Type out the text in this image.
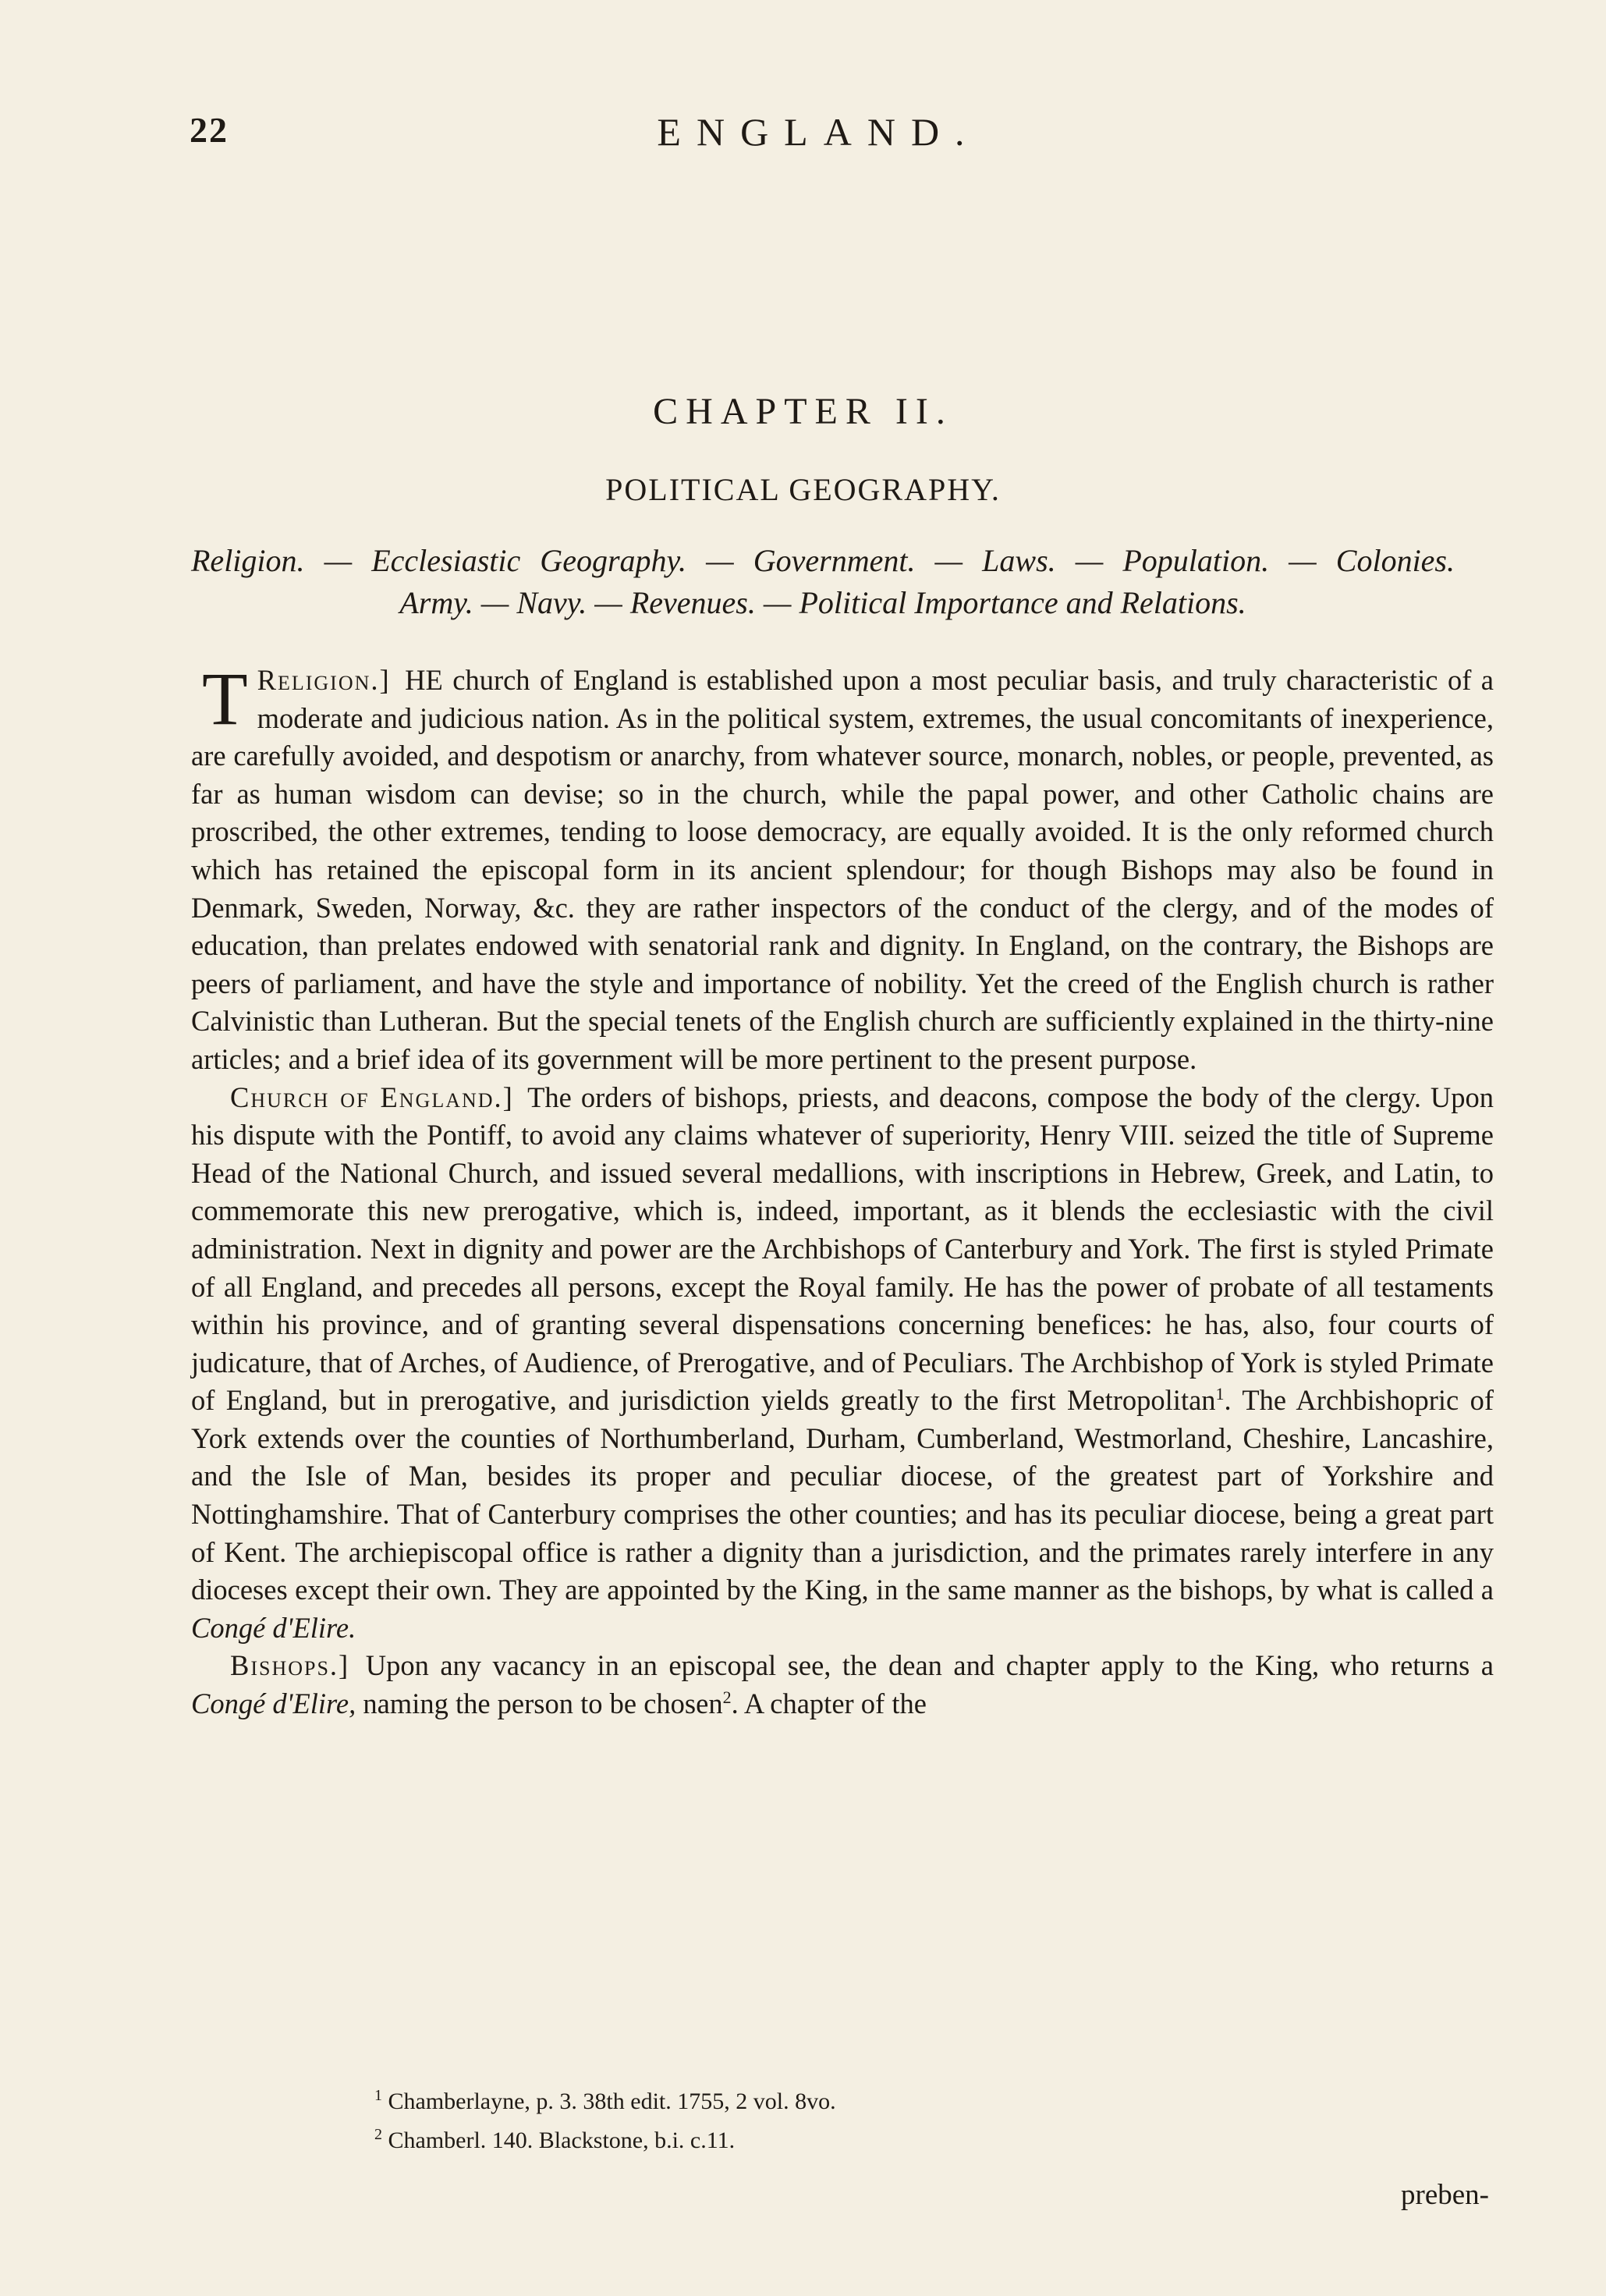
22	ENGLAND.
CHAPTER II.
POLITICAL GEOGRAPHY.
Religion. — Ecclesiastic Geography. — Government. — Laws. — Population. — Colonies.
Army. — Navy. — Revenues. — Political Importance and Relations.

Religion.]
T	HE church of England is established upon a most peculiar basis, and truly characteristic of a moderate and judicious nation. As in the political system, extremes, the usual concomitants of inexperience, are carefully avoided, and despotism or anarchy, from whatever source, monarch, nobles, or people, prevented, as far as human wisdom can devise; so in the church, while the papal power, and other Catholic chains are proscribed, the other extremes, tending to loose democracy, are equally avoided. It is the only reformed church which has retained the episcopal form in its ancient splendour; for though Bishops may also be found in Denmark, Sweden, Norway, &c. they are rather inspectors of the conduct of the clergy, and of the modes of education, than prelates endowed with senatorial rank and dignity. In England, on the contrary, the Bishops are peers of parliament, and have the style and importance of nobility. Yet the creed of the English church is rather Calvinistic than Lutheran. But the special tenets of the English church are sufficiently explained in the thirty-nine articles; and a brief idea of its government will be more pertinent to the present purpose.

Church of England.] The orders of bishops, priests, and deacons, compose the body of the clergy. Upon his dispute with the Pontiff, to avoid any claims whatever of superiority, Henry VIII. seized the title of Supreme Head of the National Church, and issued several medallions, with inscriptions in Hebrew, Greek, and Latin, to commemorate this new prerogative, which is, indeed, important, as it blends the ecclesiastic with the civil administration. Next in dignity and power are the Archbishops of Canterbury and York. The first is styled Primate of all England, and precedes all persons, except the Royal family. He has the power of probate of all testaments within his province, and of granting several dispensations concerning benefices: he has, also, four courts of judicature, that of Arches, of Audience, of Prerogative, and of Peculiars. The Archbishop of York is styled Primate of England, but in prerogative, and jurisdiction yields greatly to the first Metropolitan$^1$. The Archbishopric of York extends over the counties of Northumberland, Durham, Cumberland, Westmorland, Cheshire, Lancashire, and the Isle of Man, besides its proper and peculiar diocese, of the greatest part of Yorkshire and Nottinghamshire. That of Canterbury comprises the other counties; and has its peculiar diocese, being a great part of Kent. The archiepiscopal office is rather a dignity than a jurisdiction, and the primates rarely interfere in any dioceses except their own. They are appointed by the King, in the same manner as the bishops, by what is called a Congé d'Elire.

Bishops.] Upon any vacancy in an episcopal see, the dean and chapter apply to the King, who returns a Congé d'Elire, naming the person to be chosen$^2$. A chapter of the

$^1$ Chamberlayne, p. 3. 38th edit. 1755, 2 vol. 8vo.
$^2$ Chamberl. 140. Blackstone, b.i. c.11.
preben-
